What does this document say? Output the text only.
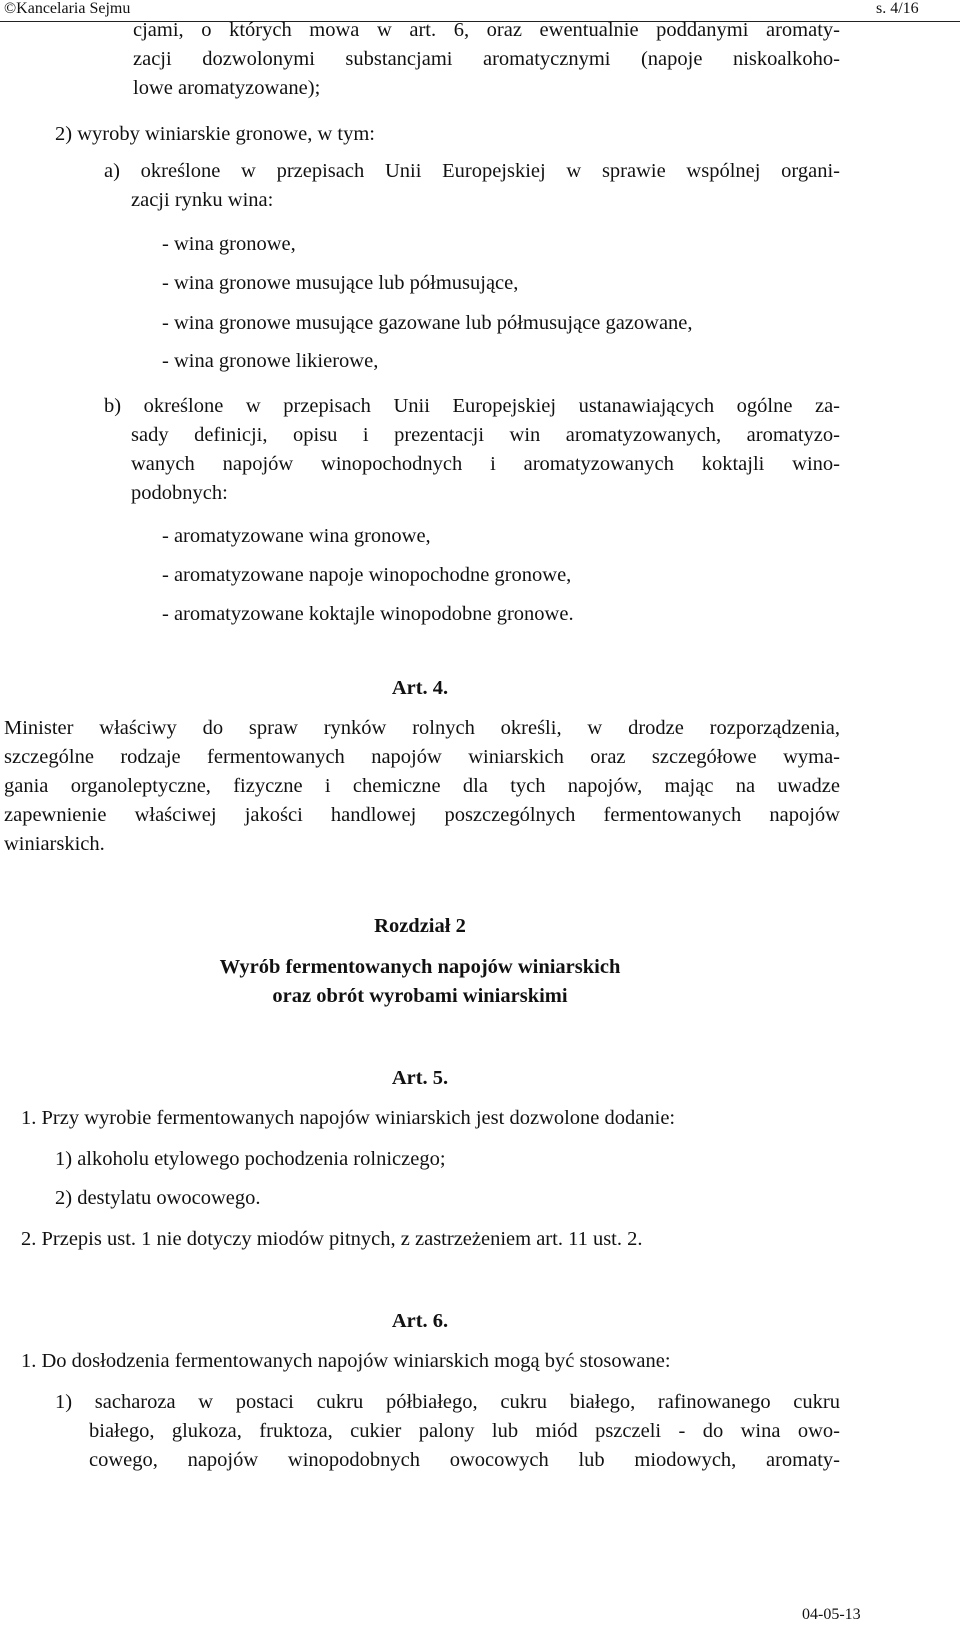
©Kancelaria Sejmu	s. 4/16
cjami, o których mowa w art. 6, oraz ewentualnie poddanymi aromaty-
zacji dozwolonymi substancjami aromatycznymi (napoje niskoalkoho-
lowe aromatyzowane);
2) wyroby winiarskie gronowe, w tym:
a) określone w przepisach Unii Europejskiej w sprawie wspólnej organi-
zacji rynku wina:
- wina gronowe,
- wina gronowe musujące lub półmusujące,
- wina gronowe musujące gazowane lub półmusujące gazowane,
- wina gronowe likierowe,
b) określone w przepisach Unii Europejskiej ustanawiających ogólne za-
sady definicji, opisu i prezentacji win aromatyzowanych, aromatyzo-
wanych napojów winopochodnych i aromatyzowanych koktajli wino-
podobnych:
- aromatyzowane wina gronowe,
- aromatyzowane napoje winopochodne gronowe,
- aromatyzowane koktajle winopodobne gronowe.
Art. 4.
Minister właściwy do spraw rynków rolnych określi, w drodze rozporządzenia,
szczególne rodzaje fermentowanych napojów winiarskich oraz szczegółowe wyma-
gania organoleptyczne, fizyczne i chemiczne dla tych napojów, mając na uwadze
zapewnienie właściwej jakości handlowej poszczególnych fermentowanych napojów
winiarskich.
Rozdział 2
Wyrób fermentowanych napojów winiarskich
oraz obrót wyrobami winiarskimi
Art. 5.
1. Przy wyrobie fermentowanych napojów winiarskich jest dozwolone dodanie:
1) alkoholu etylowego pochodzenia rolniczego;
2) destylatu owocowego.
2. Przepis ust. 1 nie dotyczy miodów pitnych, z zastrzeżeniem art. 11 ust. 2.
Art. 6.
1. Do dosłodzenia fermentowanych napojów winiarskich mogą być stosowane:
1) sacharoza w postaci cukru półbiałego, cukru białego, rafinowanego cukru
białego, glukoza, fruktoza, cukier palony lub miód pszczeli - do wina owo-
cowego, napojów winopodobnych owocowych lub miodowych, aromaty-
04-05-13
